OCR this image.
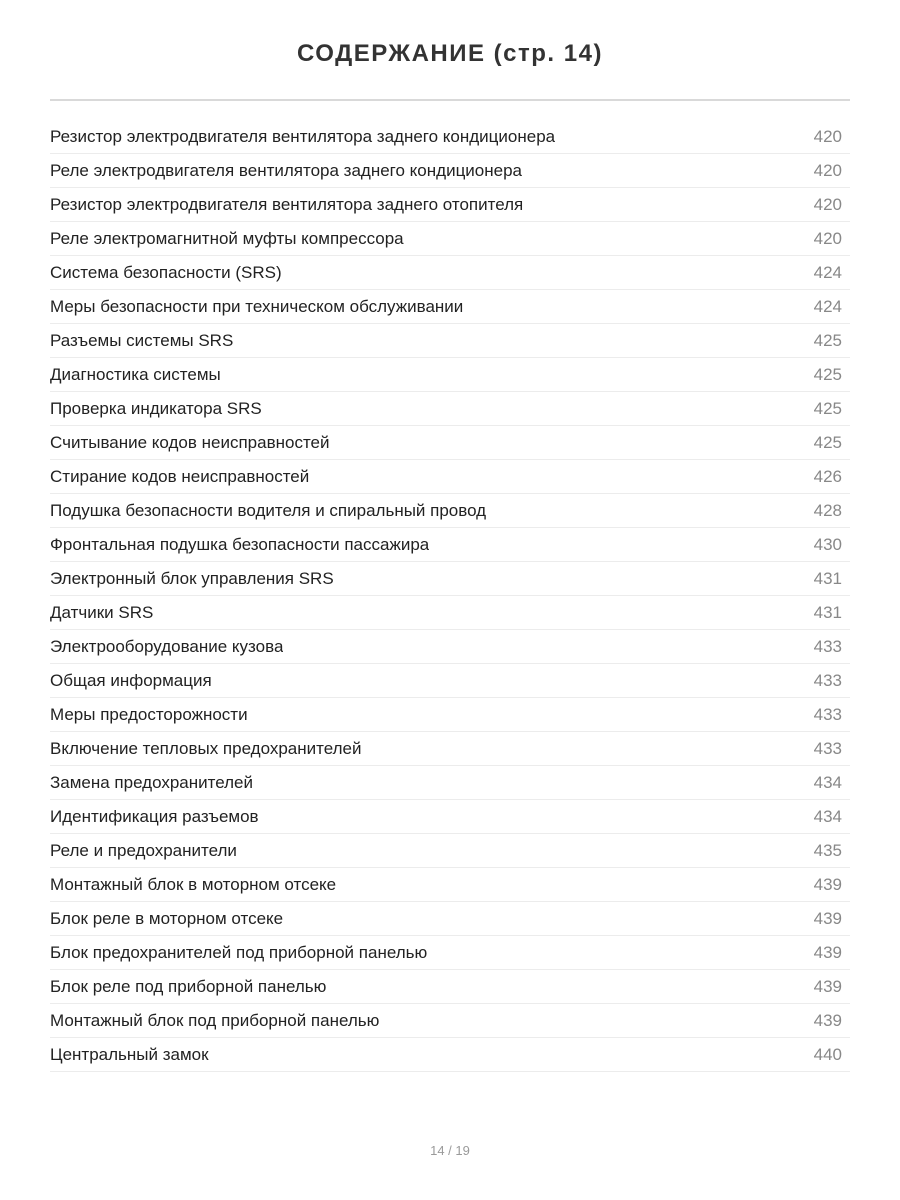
СОДЕРЖАНИЕ (стр. 14)
Резистор электродвигателя вентилятора заднего кондиционера	420
Реле электродвигателя вентилятора заднего кондиционера	420
Резистор электродвигателя вентилятора заднего отопителя	420
Реле электромагнитной муфты компрессора	420
Система безопасности (SRS)	424
Меры безопасности при техническом обслуживании	424
Разъемы системы SRS	425
Диагностика системы	425
Проверка индикатора SRS	425
Считывание кодов неисправностей	425
Стирание кодов неисправностей	426
Подушка безопасности водителя и спиральный провод	428
Фронтальная подушка безопасности пассажира	430
Электронный блок управления SRS	431
Датчики SRS	431
Электрооборудование кузова	433
Общая информация	433
Меры предосторожности	433
Включение тепловых предохранителей	433
Замена предохранителей	434
Идентификация разъемов	434
Реле и предохранители	435
Монтажный блок в моторном отсеке	439
Блок реле в моторном отсеке	439
Блок предохранителей под приборной панелью	439
Блок реле под приборной панелью	439
Монтажный блок под приборной панелью	439
Центральный замок	440
14 / 19
